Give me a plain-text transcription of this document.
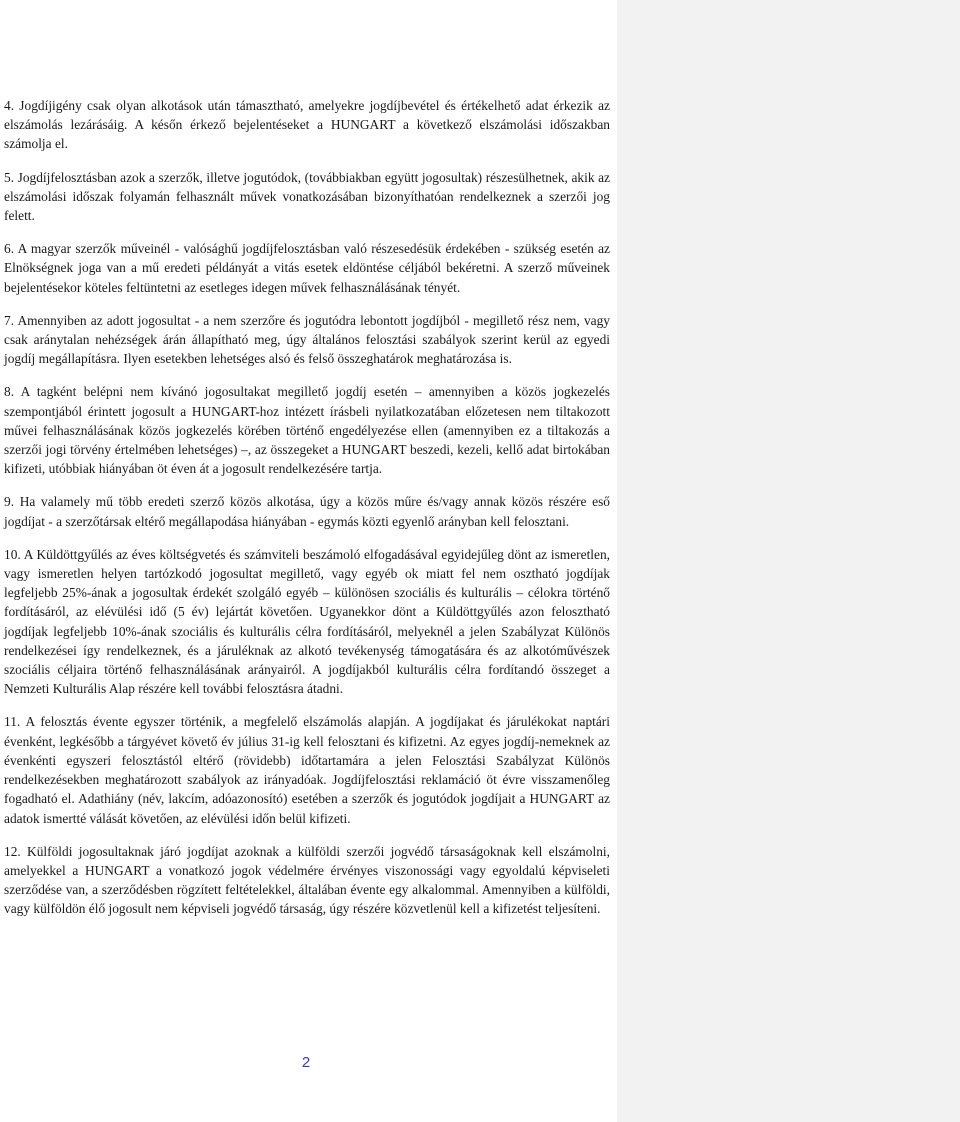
4. Jogdíjigény csak olyan alkotások után támasztható, amelyekre jogdíjbevétel és értékelhető adat érkezik az elszámolás lezárásáig. A későn érkező bejelentéseket a HUNGART a következő elszámolási időszakban számolja el.

5. Jogdíjfelosztásban azok a szerzők, illetve jogutódok, (továbbiakban együtt jogosultak) részesülhetnek, akik az elszámolási időszak folyamán felhasznált művek vonatkozásában bizonyíthatóan rendelkeznek a szerzői jog felett.

6. A magyar szerzők műveinél - valósághű jogdíjfelosztásban való részesedésük érdekében - szükség esetén az Elnökségnek joga van a mű eredeti példányát a vitás esetek eldöntése céljából bekéretni. A szerző műveinek bejelentésekor köteles feltüntetni az esetleges idegen művek felhasználásának tényét.

7. Amennyiben az adott jogosultat - a nem szerzőre és jogutódra lebontott jogdíjból - megillető rész nem, vagy csak aránytalan nehézségek árán állapítható meg, úgy általános felosztási szabályok szerint kerül az egyedi jogdíj megállapításra. Ilyen esetekben lehetséges alsó és felső összeghatárok meghatározása is.

8. A tagként belépni nem kívánó jogosultakat megillető jogdíj esetén – amennyiben a közös jogkezelés szempontjából érintett jogosult a HUNGART-hoz intézett írásbeli nyilatkozatában előzetesen nem tiltakozott művei felhasználásának közös jogkezelés körében történő engedélyezése ellen (amennyiben ez a tiltakozás a szerzői jogi törvény értelmében lehetséges) –, az összegeket a HUNGART beszedi, kezeli, kellő adat birtokában kifizeti, utóbbiak hiányában öt éven át a jogosult rendelkezésére tartja.

9. Ha valamely mű több eredeti szerző közös alkotása, úgy a közös műre és/vagy annak közös részére eső jogdíjat - a szerzőtársak eltérő megállapodása hiányában - egymás közti egyenlő arányban kell felosztani.

10. A Küldöttgyűlés az éves költségvetés és számviteli beszámoló elfogadásával egyidejűleg dönt az ismeretlen, vagy ismeretlen helyen tartózkodó jogosultat megillető, vagy egyéb ok miatt fel nem osztható jogdíjak legfeljebb 25%-ának a jogosultak érdekét szolgáló egyéb – különösen szociális és kulturális – célokra történő fordításáról, az elévülési idő (5 év) lejártát követően. Ugyanekkor dönt a Küldöttgyűlés azon felosztható jogdíjak legfeljebb 10%-ának szociális és kulturális célra fordításáról, melyeknél a jelen Szabályzat Különös rendelkezései így rendelkeznek, és a járuléknak az alkotó tevékenység támogatására és az alkotóművészek szociális céljaira történő felhasználásának arányairól. A jogdíjakból kulturális célra fordítandó összeget a Nemzeti Kulturális Alap részére kell további felosztásra átadni.

11. A felosztás évente egyszer történik, a megfelelő elszámolás alapján. A jogdíjakat és járulékokat naptári évenként, legkésőbb a tárgyévet követő év július 31-ig kell felosztani és kifizetni. Az egyes jogdíj-nemeknek az évenkénti egyszeri felosztástól eltérő (rövidebb) időtartamára a jelen Felosztási Szabályzat Különös rendelkezésekben meghatározott szabályok az irányadóak. Jogdíjfelosztási reklamáció öt évre visszamenőleg fogadható el. Adathiány (név, lakcím, adóazonosító) esetében a szerzők és jogutódok jogdíjait a HUNGART az adatok ismertté válását követően, az elévülési időn belül kifizeti.

12. Külföldi jogosultaknak járó jogdíjat azoknak a külföldi szerzői jogvédő társaságoknak kell elszámolni, amelyekkel a HUNGART a vonatkozó jogok védelmére érvényes viszonossági vagy egyoldalú képviseleti szerződése van, a szerződésben rögzített feltételekkel, általában évente egy alkalommal. Amennyiben a külföldi, vagy külföldön élő jogosult nem képviseli jogvédő társaság, úgy részére közvetlenül kell a kifizetést teljesíteni.

2
